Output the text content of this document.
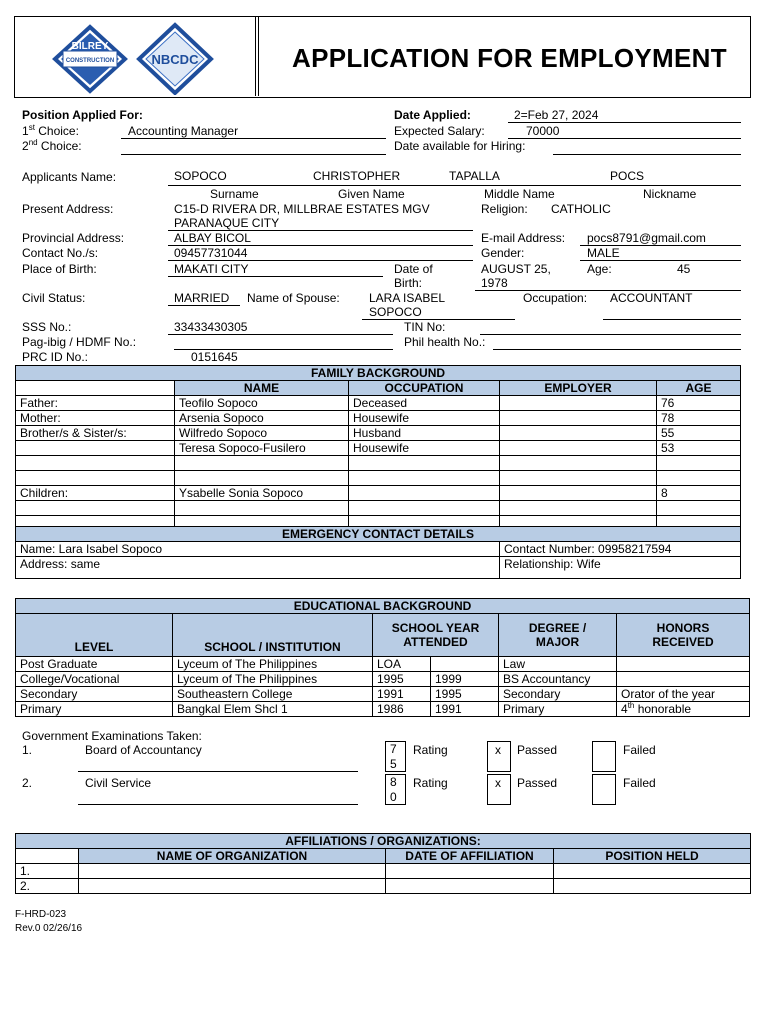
BILREY
CONSTRUCTION	NBCDC	APPLICATION FOR EMPLOYMENT
Position Applied For:
1st Choice:	Accounting Manager
2nd Choice:
Date Applied:	2=Feb 27, 2024
Expected Salary:	70000
Date available for Hiring:
Applicants Name:	SOPOCO	CHRISTOPHER	TAPALLA	POCS
Surname	Given Name	Middle Name	Nickname
Present Address:	C15-D RIVERA DR, MILLBRAE ESTATES MGV
PARANAQUE CITY
Religion: CATHOLIC
Provincial Address:	ALBAY BICOL	E-mail Address: pocs8791@gmail.com
Contact No./s:	09457731044	Gender:	MALE
Place of Birth:	MAKATI CITY	Date of
Birth:
AUGUST 25,
1978
Age:	45
Civil Status:	MARRIED Name of Spouse: LARA ISABEL
SOPOCO
Occupation: ACCOUNTANT
SSS No.:	33433430305	TIN No:
Pag-ibig / HDMF No.:	Phil health No.:
PRC ID No.:	0151645
FAMILY BACKGROUND				
	NAME	OCCUPATION	EMPLOYER	AGE
Father:	Teofilo Sopoco	Deceased		76
Mother:	Arsenia Sopoco	Housewife		78
Brother/s & Sister/s:	Wilfredo Sopoco	Husband		55
	Teresa Sopoco-Fusilero	Housewife		53

Children:	Ysabelle Sonia Sopoco			8

EMERGENCY CONTACT DETAILS	
Name: Lara Isabel Sopoco	Contact Number: 09958217594
Address: same	Relationship: Wife
EDUCATIONAL BACKGROUND					
LEVEL	SCHOOL / INSTITUTION	SCHOOL YEAR ATTENDED		DEGREE / MAJOR	HONORS RECEIVED
Post Graduate	Lyceum of The Philippines	LOA		Law	
College/Vocational	Lyceum of The Philippines	1995	1999	BS Accountancy	
Secondary	Southeastern College	1991	1995	Secondary	Orator of the year
Primary	Bangkal Elem Shcl 1	1986	1991	Primary	4th honorable
Government Examinations Taken:
1.	Board of Accountancy	7
5
Rating	x Passed	Failed
2.	Civil Service	8
0
Rating	x Passed	Failed
AFFILIATIONS / ORGANIZATIONS:			
	NAME OF ORGANIZATION	DATE OF AFFILIATION	POSITION HELD
1.			
2.			
F-HRD-023
Rev.0 02/26/16
